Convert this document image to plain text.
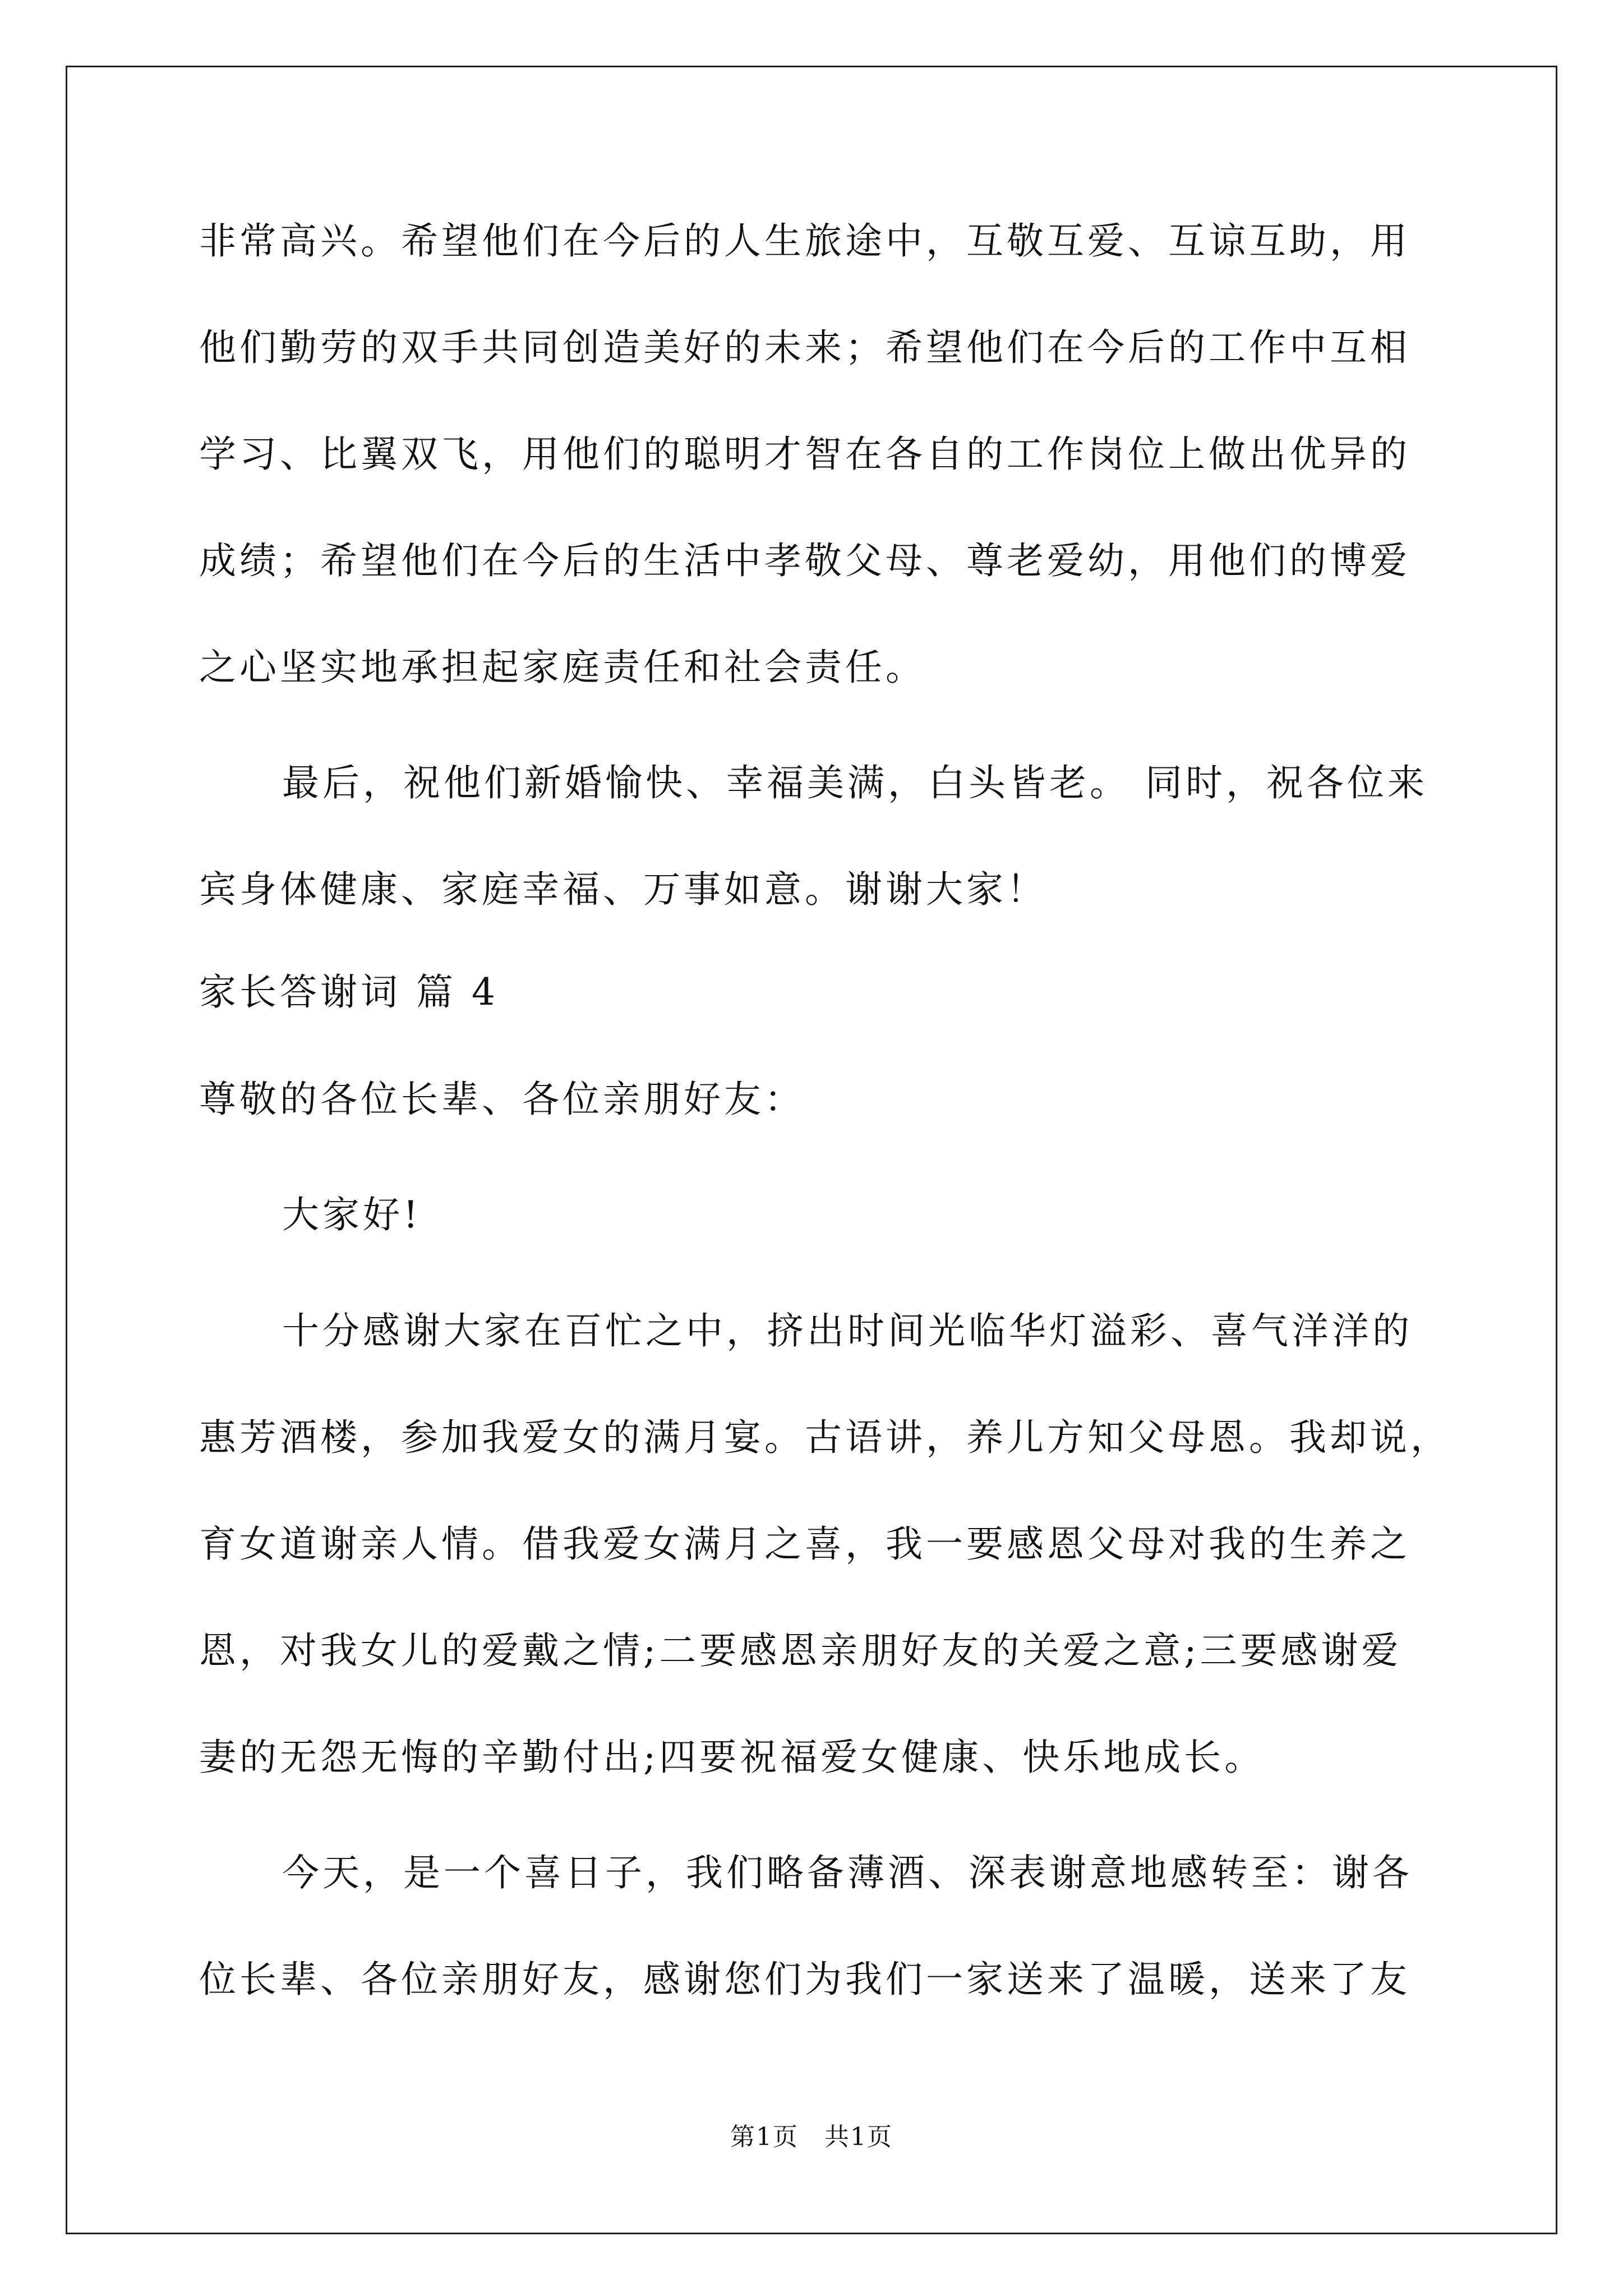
非常高兴。希望他们在今后的人生旅途中，互敬互爱、互谅互助，用
他们勤劳的双手共同创造美好的未来；希望他们在今后的工作中互相
学习、比翼双飞，用他们的聪明才智在各自的工作岗位上做出优异的
成绩；希望他们在今后的生活中孝敬父母、尊老爱幼，用他们的博爱
之心坚实地承担起家庭责任和社会责任。
最后，祝他们新婚愉快、幸福美满，白头皆老。 同时，祝各位来
宾身体健康、家庭幸福、万事如意。谢谢大家！
家长答谢词 篇 4
尊敬的各位长辈、各位亲朋好友：
大家好!
十分感谢大家在百忙之中，挤出时间光临华灯溢彩、喜气洋洋的
惠芳酒楼，参加我爱女的满月宴。古语讲，养儿方知父母恩。我却说，
育女道谢亲人情。借我爱女满月之喜，我一要感恩父母对我的生养之
恩，对我女儿的爱戴之情;二要感恩亲朋好友的关爱之意;三要感谢爱
妻的无怨无悔的辛勤付出;四要祝福爱女健康、快乐地成长。
今天，是一个喜日子，我们略备薄酒、深表谢意地感转至：谢各
位长辈、各位亲朋好友，感谢您们为我们一家送来了温暖，送来了友
第1页　共1页
